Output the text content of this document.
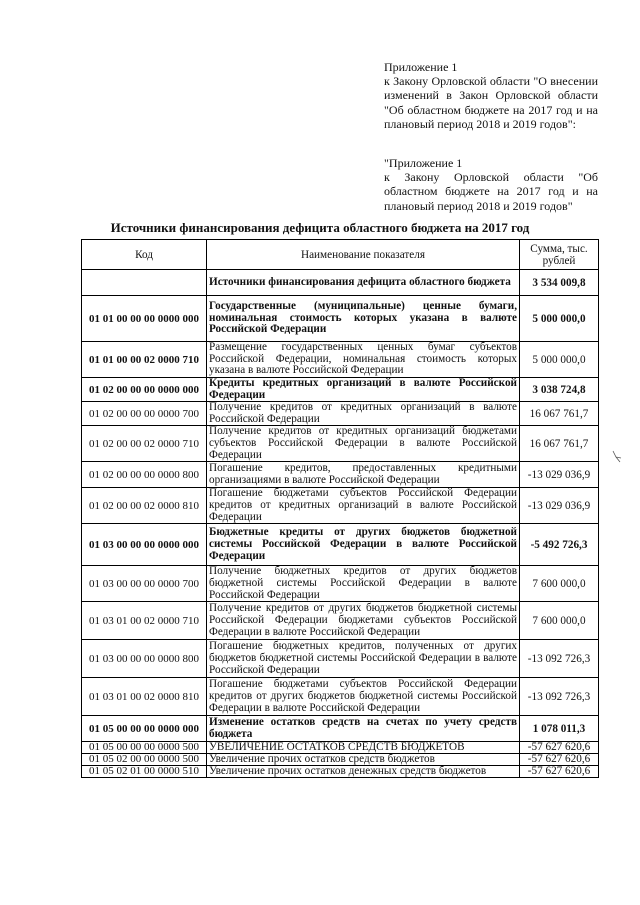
Приложение 1

к Закону Орловской области "О внесении изменений в Закон Орловской области "Об областном бюджете на 2017 год и на плановый период 2018 и 2019 годов":

"Приложение 1

к Закону Орловской области "Об областном бюджете на 2017 год и на плановый период 2018 и 2019 годов"

Источники финансирования дефицита областного бюджета на 2017 год
Код	Наименование показателя	Сумма, тыс. рублей
	Источники финансирования дефицита областного бюджета	3 534 009,8
01 01 00 00 00 0000 000	Государственные (муниципальные) ценные бумаги, номинальная стоимость которых указана в валюте Российской Федерации	5 000 000,0
01 01 00 00 02 0000 710	Размещение государственных ценных бумаг субъектов Российской Федерации, номинальная стоимость которых указана в валюте Российской Федерации	5 000 000,0
01 02 00 00 00 0000 000	Кредиты кредитных организаций в валюте Российской Федерации	3 038 724,8
01 02 00 00 00 0000 700	Получение кредитов от кредитных организаций в валюте Российской Федерации	16 067 761,7
01 02 00 00 02 0000 710	Получение кредитов от кредитных организаций бюджетами субъектов Российской Федерации в валюте Российской Федерации	16 067 761,7
01 02 00 00 00 0000 800	Погашение кредитов, предоставленных кредитными организациями в валюте Российской Федерации	-13 029 036,9
01 02 00 00 02 0000 810	Погашение бюджетами субъектов Российской Федерации кредитов от кредитных организаций в валюте Российской Федерации	-13 029 036,9
01 03 00 00 00 0000 000	Бюджетные кредиты от других бюджетов бюджетной системы Российской Федерации в валюте Российской Федерации	-5 492 726,3
01 03 00 00 00 0000 700	Получение бюджетных кредитов от других бюджетов бюджетной системы Российской Федерации в валюте Российской Федерации	7 600 000,0
01 03 01 00 02 0000 710	Получение кредитов от других бюджетов бюджетной системы Российской Федерации бюджетами субъектов Российской Федерации в валюте Российской Федерации	7 600 000,0
01 03 00 00 00 0000 800	Погашение бюджетных кредитов, полученных от других бюджетов бюджетной системы Российской Федерации в валюте Российской Федерации	-13 092 726,3
01 03 01 00 02 0000 810	Погашение бюджетами субъектов Российской Федерации кредитов от других бюджетов бюджетной системы Российской Федерации в валюте Российской Федерации	-13 092 726,3
01 05 00 00 00 0000 000	Изменение остатков средств на счетах по учету средств бюджета	1 078 011,3
01 05 00 00 00 0000 500	УВЕЛИЧЕНИЕ ОСТАТКОВ СРЕДСТВ БЮДЖЕТОВ	-57 627 620,6
01 05 02 00 00 0000 500	Увеличение прочих остатков средств бюджетов	-57 627 620,6
01 05 02 01 00 0000 510	Увеличение прочих остатков денежных средств бюджетов	-57 627 620,6
